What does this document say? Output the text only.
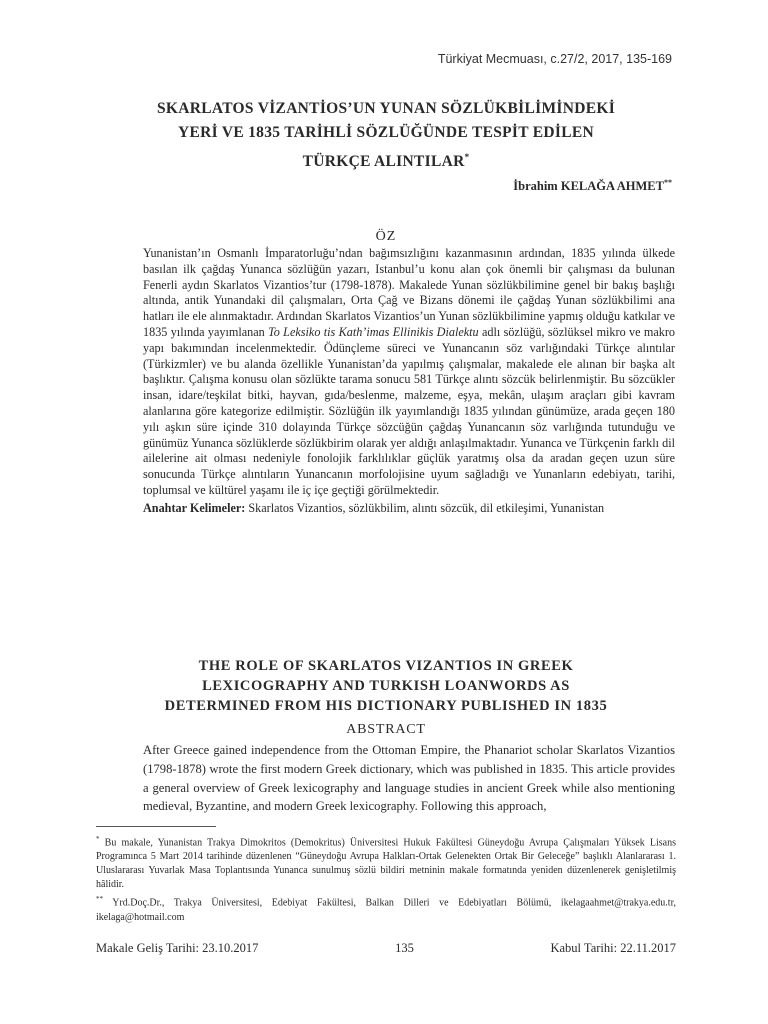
Türkiyat Mecmuası, c.27/2, 2017, 135-169
SKARLATOS VİZANTİOS’UN YUNAN SÖZLÜKBİLİMİNDEKİ
YERİ VE 1835 TARİHLİ SÖZLÜĞÜNDE TESPİT EDİLEN
TÜRKÇE ALINTILAR*
İbrahim KELAĞA AHMET**
ÖZ

Yunanistan’ın Osmanlı İmparatorluğu’ndan bağımsızlığını kazanmasının ardından, 1835 yılında ülkede basılan ilk çağdaş Yunanca sözlüğün yazarı, Istanbul’u konu alan çok önemli bir çalışması da bulunan Fenerli aydın Skarlatos Vizantios’tur (1798-1878). Makalede Yunan sözlükbilimine genel bir bakış başlığı altında, antik Yunandaki dil çalışmaları, Orta Çağ ve Bizans dönemi ile çağdaş Yunan sözlükbilimi ana hatları ile ele alınmaktadır. Ardından Skarlatos Vizantios’un Yunan sözlükbilimine yapmış olduğu katkılar ve 1835 yılında yayımlanan To Leksiko tis Kath’imas Ellinikis Dialektu adlı sözlüğü, sözlüksel mikro ve makro yapı bakımından incelenmektedir. Ödünçleme süreci ve Yunancanın söz varlığındaki Türkçe alıntılar (Türkizmler) ve bu alanda özellikle Yunanistan’da yapılmış çalışmalar, makalede ele alınan bir başka alt başlıktır. Çalışma konusu olan sözlükte tarama sonucu 581 Türkçe alıntı sözcük belirlenmiştir. Bu sözcükler insan, idare/teşkilat bitki, hayvan, gıda/beslenme, malzeme, eşya, mekân, ulaşım araçları gibi kavram alanlarına göre kategorize edilmiştir. Sözlüğün ilk yayımlandığı 1835 yılından günümüze, arada geçen 180 yılı aşkın süre içinde 310 dolayında Türkçe sözcüğün çağdaş Yunancanın söz varlığında tutunduğu ve günümüz Yunanca sözlüklerde sözlükbirim olarak yer aldığı anlaşılmaktadır. Yunanca ve Türkçenin farklı dil ailelerine ait olması nedeniyle fonolojik farklılıklar güçlük yaratmış olsa da aradan geçen uzun süre sonucunda Türkçe alıntıların Yunancanın morfolojisine uyum sağladığı ve Yunanların edebiyatı, tarihi, toplumsal ve kültürel yaşamı ile iç içe geçtiği görülmektedir.

Anahtar Kelimeler: Skarlatos Vizantios, sözlükbilim, alıntı sözcük, dil etkileşimi, Yunanistan

THE ROLE OF SKARLATOS VIZANTIOS IN GREEK
LEXICOGRAPHY AND TURKISH LOANWORDS AS
DETERMINED FROM HIS DICTIONARY PUBLISHED IN 1835
ABSTRACT
After Greece gained independence from the Ottoman Empire, the Phanariot scholar Skarlatos Vizantios (1798-1878) wrote the first modern Greek dictionary, which was published in 1835. This article provides a general overview of Greek lexicography and language studies in ancient Greek while also mentioning medieval, Byzantine, and modern Greek lexicography. Following this approach,

* Bu makale, Yunanistan Trakya Dimokritos (Demokritus) Üniversitesi Hukuk Fakültesi Güneydoğu Avrupa Çalışmaları Yüksek Lisans Programınca 5 Mart 2014 tarihinde düzenlenen “Güneydoğu Avrupa Halkları-Ortak Gelenekten Ortak Bir Geleceğe” başlıklı Alanlararası 1. Uluslararası Yuvarlak Masa Toplantısında Yunanca sunulmuş sözlü bildiri metninin makale formatında yeniden düzenlenerek genişletilmiş hâlidir.

** Yrd.Doç.Dr., Trakya Üniversitesi, Edebiyat Fakültesi, Balkan Dilleri ve Edebiyatları Bölümü, ikelagaahmet@trakya.edu.tr, ikelaga@hotmail.com

Makale Geliş Tarihi: 23.10.2017	135	Kabul Tarihi: 22.11.2017
